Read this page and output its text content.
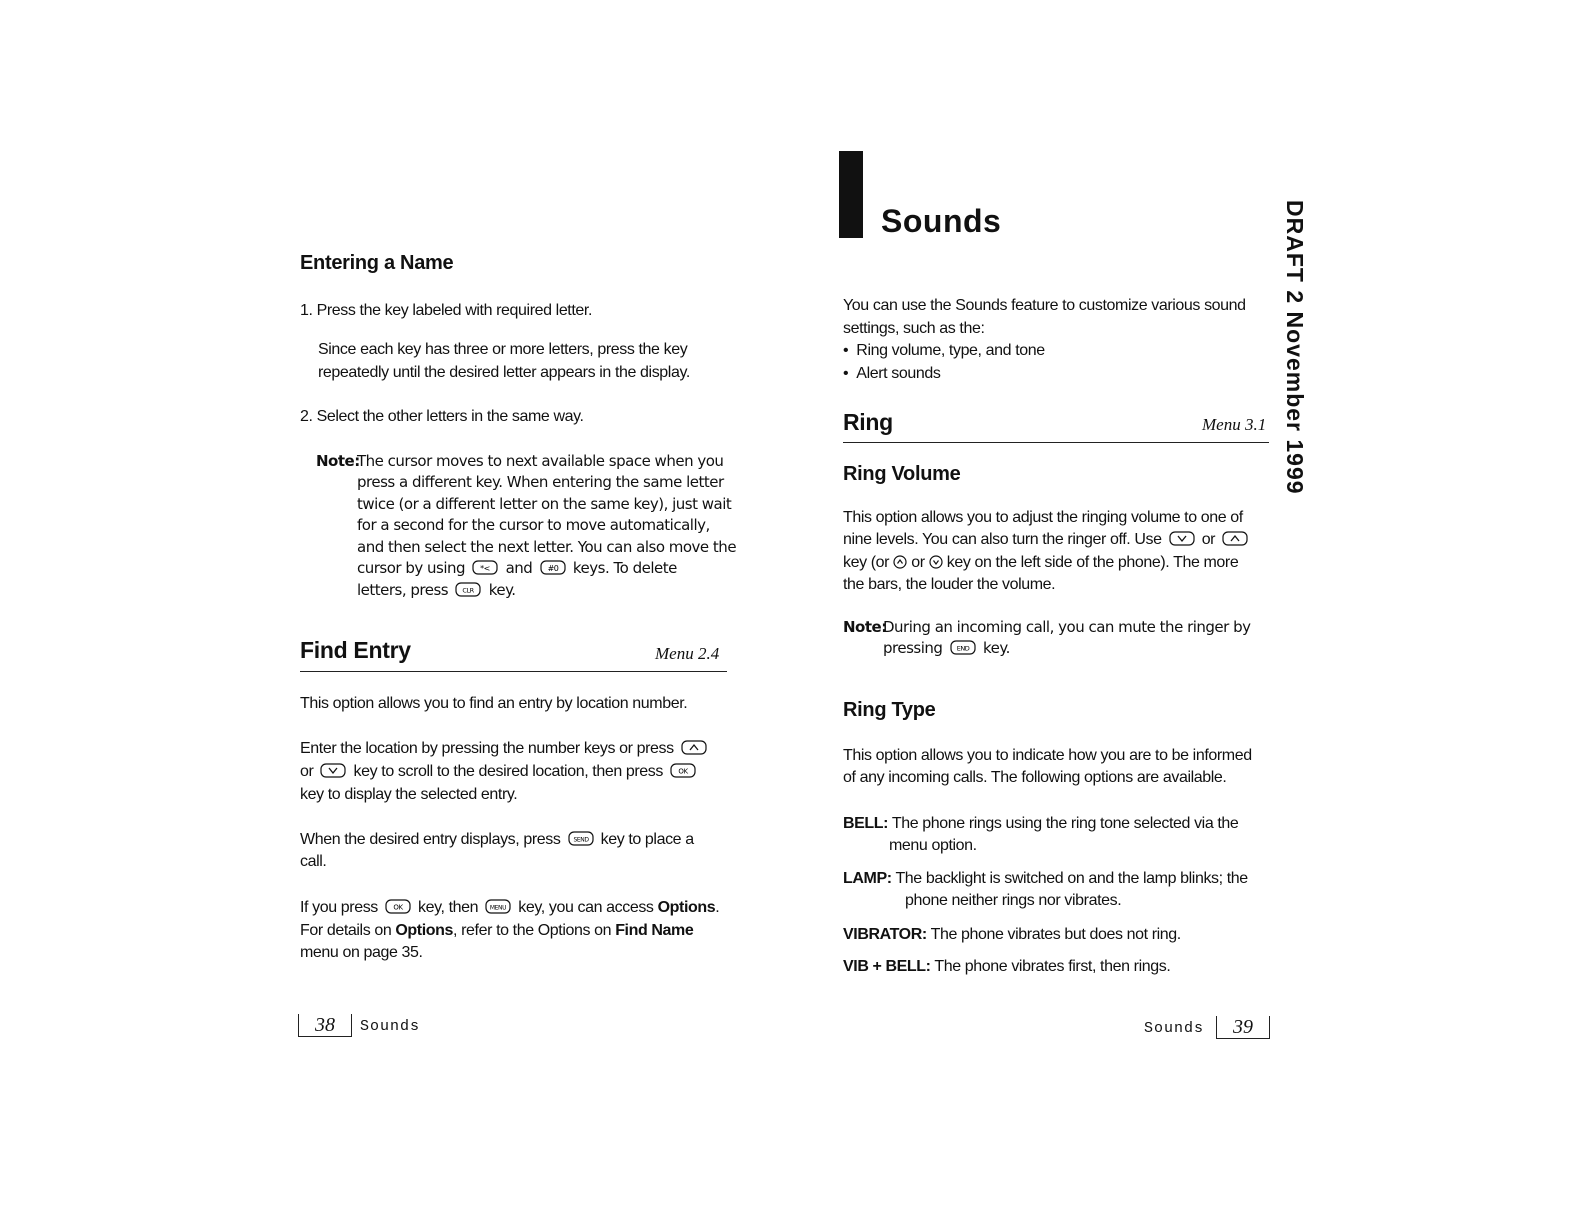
Entering a Name
1. Press the key labeled with required letter.
Since each key has three or more letters, press the key
repeatedly until the desired letter appears in the display.
2. Select the other letters in the same way.
Note:
The cursor moves to next available space when you
press a different key. When entering the same letter
twice (or a different letter on the same key), just wait
for a second for the cursor to move automatically,
and then select the next letter. You can also move the
cursor by using *< and #0 keys. To delete
letters, press CLR key.
Find Entry	Menu 2.4
This option allows you to find an entry by location number.
Enter the location by pressing the number keys or press
or	key to scroll to the desired location, then press OK
key to display the selected entry.
When the desired entry displays, press SEND key to place a
call.
If you press OK key, then MENU key, you can access Options.
For details on Options, refer to the Options on Find Name
menu on page 35.
38	Sounds
Sounds	DRAFT 2 November 1999
You can use the Sounds feature to customize various sound
settings, such as the:
•  Ring volume, type, and tone
•  Alert sounds
Ring	Menu 3.1
Ring Volume
This option allows you to adjust the ringing volume to one of
nine levels. You can also turn the ringer off. Use	or
key (or or key on the left side of the phone). The more
the bars, the louder the volume.
Note:
During an incoming call, you can mute the ringer by
pressing END key.
Ring Type
This option allows you to indicate how you are to be informed
of any incoming calls. The following options are available.
BELL: The phone rings using the ring tone selected via the
menu option.
LAMP: The backlight is switched on and the lamp blinks; the
phone neither rings nor vibrates.
VIBRATOR: The phone vibrates but does not ring.
VIB + BELL: The phone vibrates first, then rings.
Sounds	39
